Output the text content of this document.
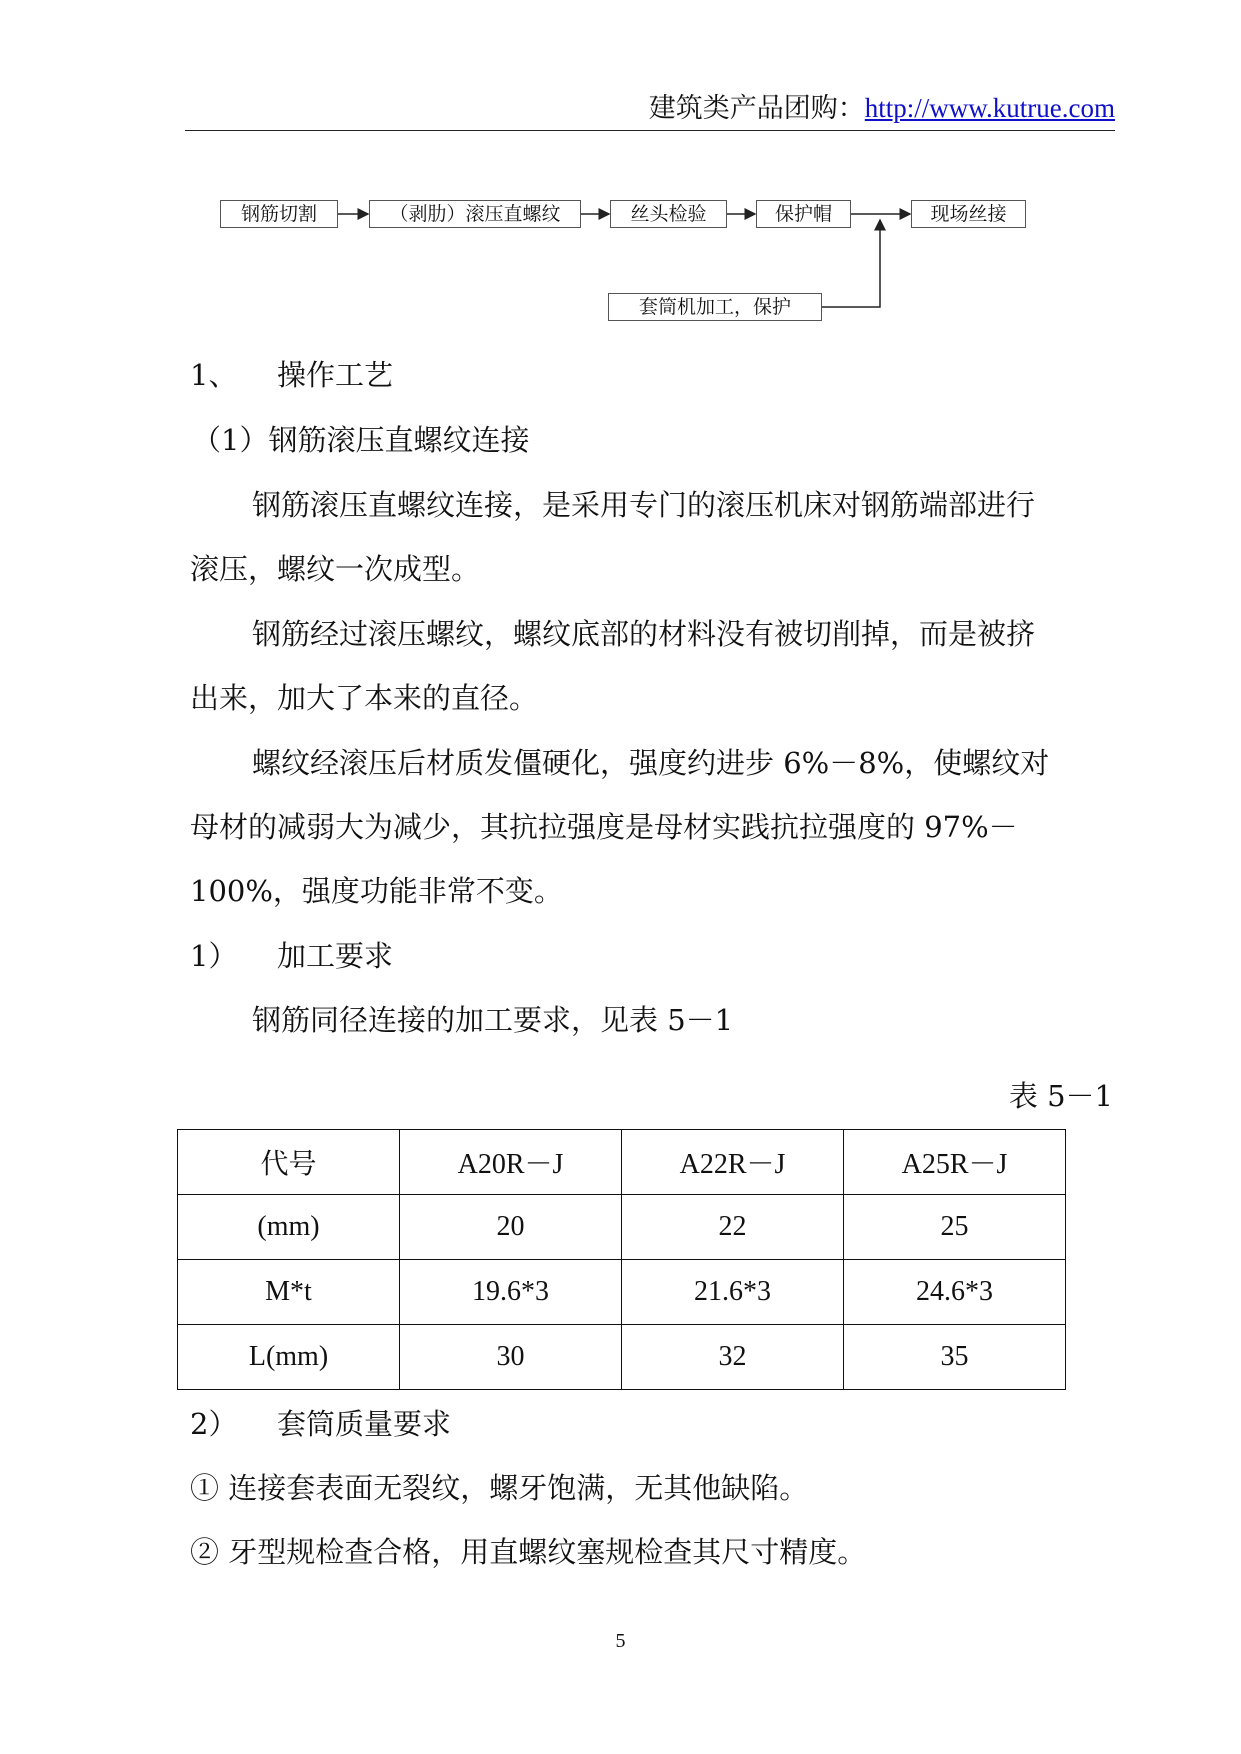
建筑类产品团购：http://www.kutrue.com
钢筋切割	（剥肋）滚压直螺纹	丝头检验	保护帽	现场丝接
套筒机加工，保护
1、 操作工艺
（1）钢筋滚压直螺纹连接
钢筋滚压直螺纹连接，是采用专门的滚压机床对钢筋端部进行
滚压，螺纹一次成型。
钢筋经过滚压螺纹，螺纹底部的材料没有被切削掉，而是被挤
出来，加大了本来的直径。
螺纹经滚压后材质发僵硬化，强度约进步 6%－8%，使螺纹对
母材的减弱大为减少，其抗拉强度是母材实践抗拉强度的 97%－
100%，强度功能非常不变。
1） 加工要求
钢筋同径连接的加工要求，见表 5－1
表 5－1
代号	A20R－J	A22R－J	A25R－J
(mm)	20	22	25
M*t	19.6*3	21.6*3	24.6*3
L(mm)	30	32	35
2） 套筒质量要求
① 连接套表面无裂纹，螺牙饱满，无其他缺陷。
② 牙型规检查合格，用直螺纹塞规检查其尺寸精度。
5
